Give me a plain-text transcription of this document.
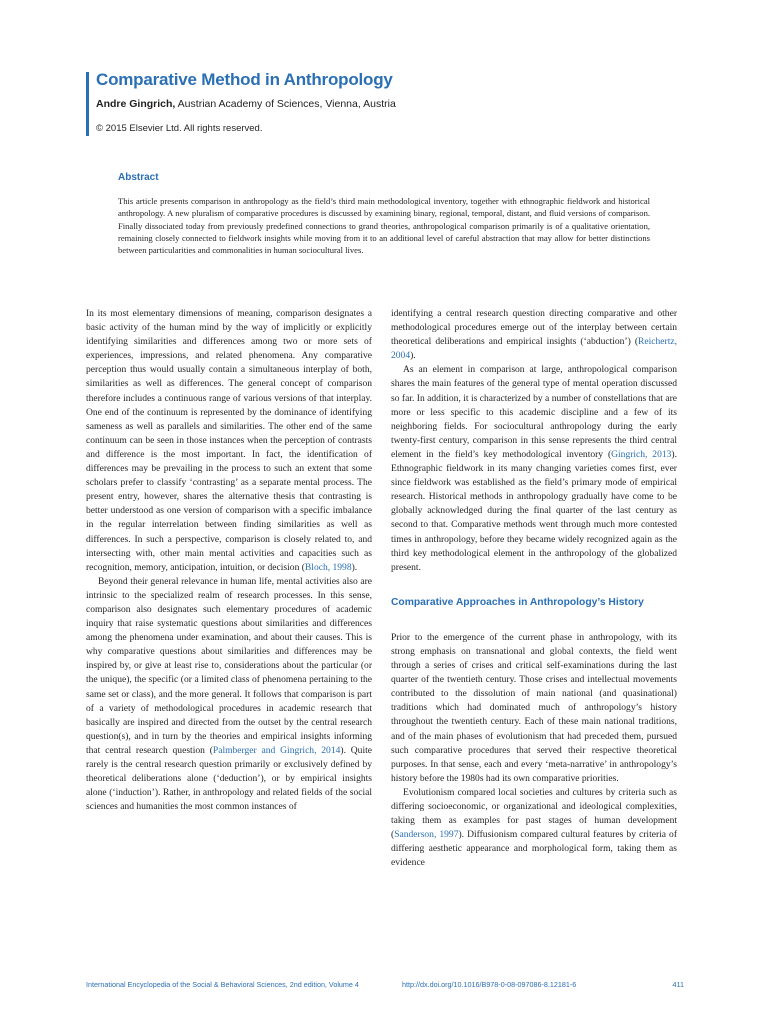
Comparative Method in Anthropology
Andre Gingrich, Austrian Academy of Sciences, Vienna, Austria
© 2015 Elsevier Ltd. All rights reserved.
Abstract
This article presents comparison in anthropology as the field’s third main methodological inventory, together with ethnographic fieldwork and historical anthropology. A new pluralism of comparative procedures is discussed by examining binary, regional, temporal, distant, and fluid versions of comparison. Finally dissociated today from previously predefined connections to grand theories, anthropological comparison primarily is of a qualitative orientation, remaining closely connected to fieldwork insights while moving from it to an additional level of careful abstraction that may allow for better distinctions between particularities and commonalities in human sociocultural lives.

In its most elementary dimensions of meaning, comparison designates a basic activity of the human mind by the way of implicitly or explicitly identifying similarities and differences among two or more sets of experiences, impressions, and related phenomena. Any comparative perception thus would usually contain a simultaneous interplay of both, similarities as well as differences. The general concept of comparison therefore includes a continuous range of various versions of that interplay. One end of the continuum is represented by the dominance of identifying sameness as well as parallels and similarities. The other end of the same continuum can be seen in those instances when the perception of contrasts and difference is the most important. In fact, the identification of differences may be prevailing in the process to such an extent that some scholars prefer to classify ‘contrasting’ as a separate mental process. The present entry, however, shares the alternative thesis that contrasting is better understood as one version of comparison with a specific imbalance in the regular interrelation between finding similarities as well as differences. In such a perspective, comparison is closely related to, and intersecting with, other main mental activities and capacities such as recognition, memory, anticipation, intuition, or decision (Bloch, 1998).

Beyond their general relevance in human life, mental activities also are intrinsic to the specialized realm of research processes. In this sense, comparison also designates such elementary procedures of academic inquiry that raise systematic questions about similarities and differences among the phenomena under examination, and about their causes. This is why comparative questions about similarities and differences may be inspired by, or give at least rise to, considerations about the particular (or the unique), the specific (or a limited class of phenomena pertaining to the same set or class), and the more general. It follows that comparison is part of a variety of methodological procedures in academic research that basically are inspired and directed from the outset by the central research question(s), and in turn by the theories and empirical insights informing that central research question (Palmberger and Gingrich, 2014). Quite rarely is the central research question primarily or exclusively defined by theoretical deliberations alone (‘deduction’), or by empirical insights alone (‘induction’). Rather, in anthropology and related fields of the social sciences and humanities the most common instances of

identifying a central research question directing comparative and other methodological procedures emerge out of the interplay between certain theoretical deliberations and empirical insights (‘abduction’) (Reichertz, 2004).

As an element in comparison at large, anthropological comparison shares the main features of the general type of mental operation discussed so far. In addition, it is characterized by a number of constellations that are more or less specific to this academic discipline and a few of its neighboring fields. For sociocultural anthropology during the early twenty-first century, comparison in this sense represents the third central element in the field’s key methodological inventory (Gingrich, 2013). Ethnographic fieldwork in its many changing varieties comes first, ever since fieldwork was established as the field’s primary mode of empirical research. Historical methods in anthropology gradually have come to be globally acknowledged during the final quarter of the last century as second to that. Comparative methods went through much more contested times in anthropology, before they became widely recognized again as the third key methodological element in the anthropology of the globalized present.

Comparative Approaches in Anthropology’s History

Prior to the emergence of the current phase in anthropology, with its strong emphasis on transnational and global contexts, the field went through a series of crises and critical self-examinations during the last quarter of the twentieth century. Those crises and intellectual movements contributed to the dissolution of main national (and quasinational) traditions which had dominated much of anthropology’s history throughout the twentieth century. Each of these main national traditions, and of the main phases of evolutionism that had preceded them, pursued such comparative procedures that served their respective theoretical purposes. In that sense, each and every ‘meta-narrative’ in anthropology’s history before the 1980s had its own comparative priorities.

Evolutionism compared local societies and cultures by criteria such as differing socioeconomic, or organizational and ideological complexities, taking them as examples for past stages of human development (Sanderson, 1997). Diffusionism compared cultural features by criteria of differing aesthetic appearance and morphological form, taking them as evidence

International Encyclopedia of the Social & Behavioral Sciences, 2nd edition, Volume 4	http://dx.doi.org/10.1016/B978-0-08-097086-8.12181-6	411
